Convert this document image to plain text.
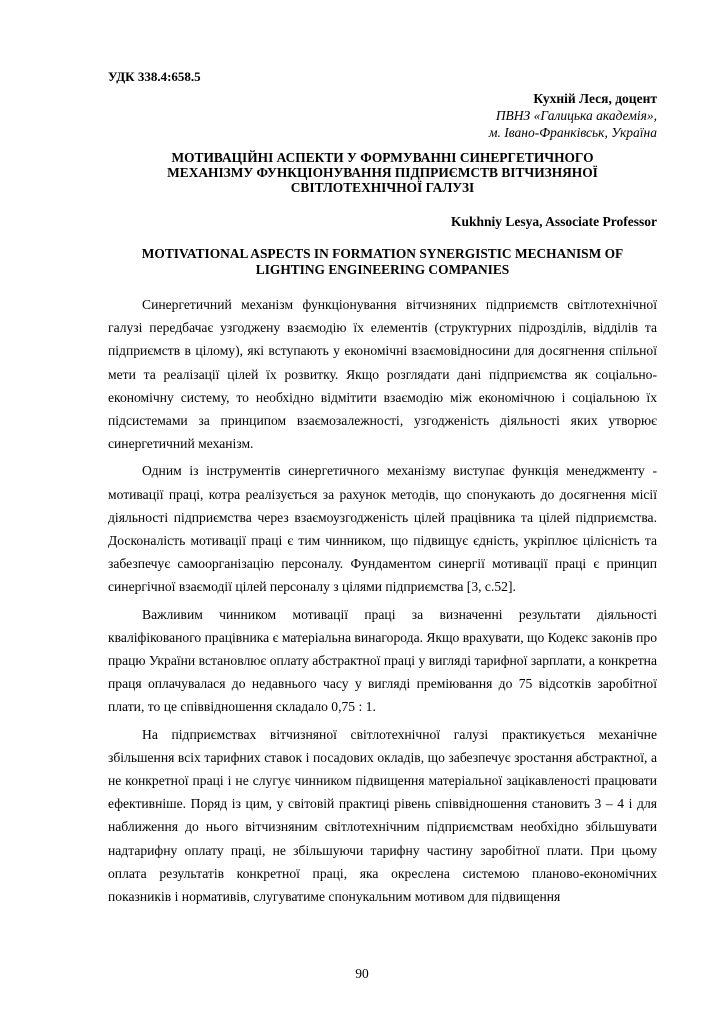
УДК 338.4:658.5
Кухній Леся, доцент
ПВНЗ «Галицька академія»,
м. Івано-Франківськ, Україна
МОТИВАЦІЙНІ АСПЕКТИ У ФОРМУВАННІ СИНЕРГЕТИЧНОГО
МЕХАНІЗМУ ФУНКЦІОНУВАННЯ ПІДПРИЄМСТВ ВІТЧИЗНЯНОЇ
СВІТЛОТЕХНІЧНОЇ ГАЛУЗІ
Kukhniy Lesya, Associate Professor
MOTIVATIONAL ASPECTS IN FORMATION SYNERGISTIC MECHANISM OF
LIGHTING ENGINEERING COMPANIES

Синергетичний механізм функціонування вітчизняних підприємств світлотехнічної галузі передбачає узгоджену взаємодію їх елементів (структурних підрозділів, відділів та підприємств в цілому), які вступають у економічні взаємовідносини для досягнення спільної мети та реалізації цілей їх розвитку. Якщо розглядати дані підприємства як соціально-економічну систему, то необхідно відмітити взаємодію між економічною і соціальною їх підсистемами за принципом взаємозалежності, узгодженість діяльності яких утворює синергетичний механізм.

Одним із інструментів синергетичного механізму виступає функція менеджменту - мотивації праці, котра реалізується за рахунок методів, що спонукають до досягнення місії діяльності підприємства через взаємоузгодженість цілей працівника та цілей підприємства. Досконалість мотивації праці є тим чинником, що підвищує єдність, укріплює цілісність та забезпечує самоорганізацію персоналу. Фундаментом синергії мотивації праці є принцип синергічної взаємодії цілей персоналу з цілями підприємства [3, с.52].

Важливим чинником мотивації праці за визначенні результати діяльності кваліфікованого працівника є матеріальна винагорода. Якщо врахувати, що Кодекс законів про працю України встановлює оплату абстрактної праці у вигляді тарифної зарплати, а конкретна праця оплачувалася до недавнього часу у вигляді преміювання до 75 відсотків заробітної плати, то це співвідношення складало 0,75 : 1.

На підприємствах вітчизняної світлотехнічної галузі практикується механічне збільшення всіх тарифних ставок і посадових окладів, що забезпечує зростання абстрактної, а не конкретної праці і не слугує чинником підвищення матеріальної зацікавленості працювати ефективніше. Поряд із цим, у світовій практиці рівень співвідношення становить 3 – 4 і для наближення до нього вітчизняним світлотехнічним підприємствам необхідно збільшувати надтарифну оплату праці, не збільшуючи тарифну частину заробітної плати. При цьому оплата результатів конкретної праці, яка окреслена системою планово-економічних показників і нормативів, слугуватиме спонукальним мотивом для підвищення

90
